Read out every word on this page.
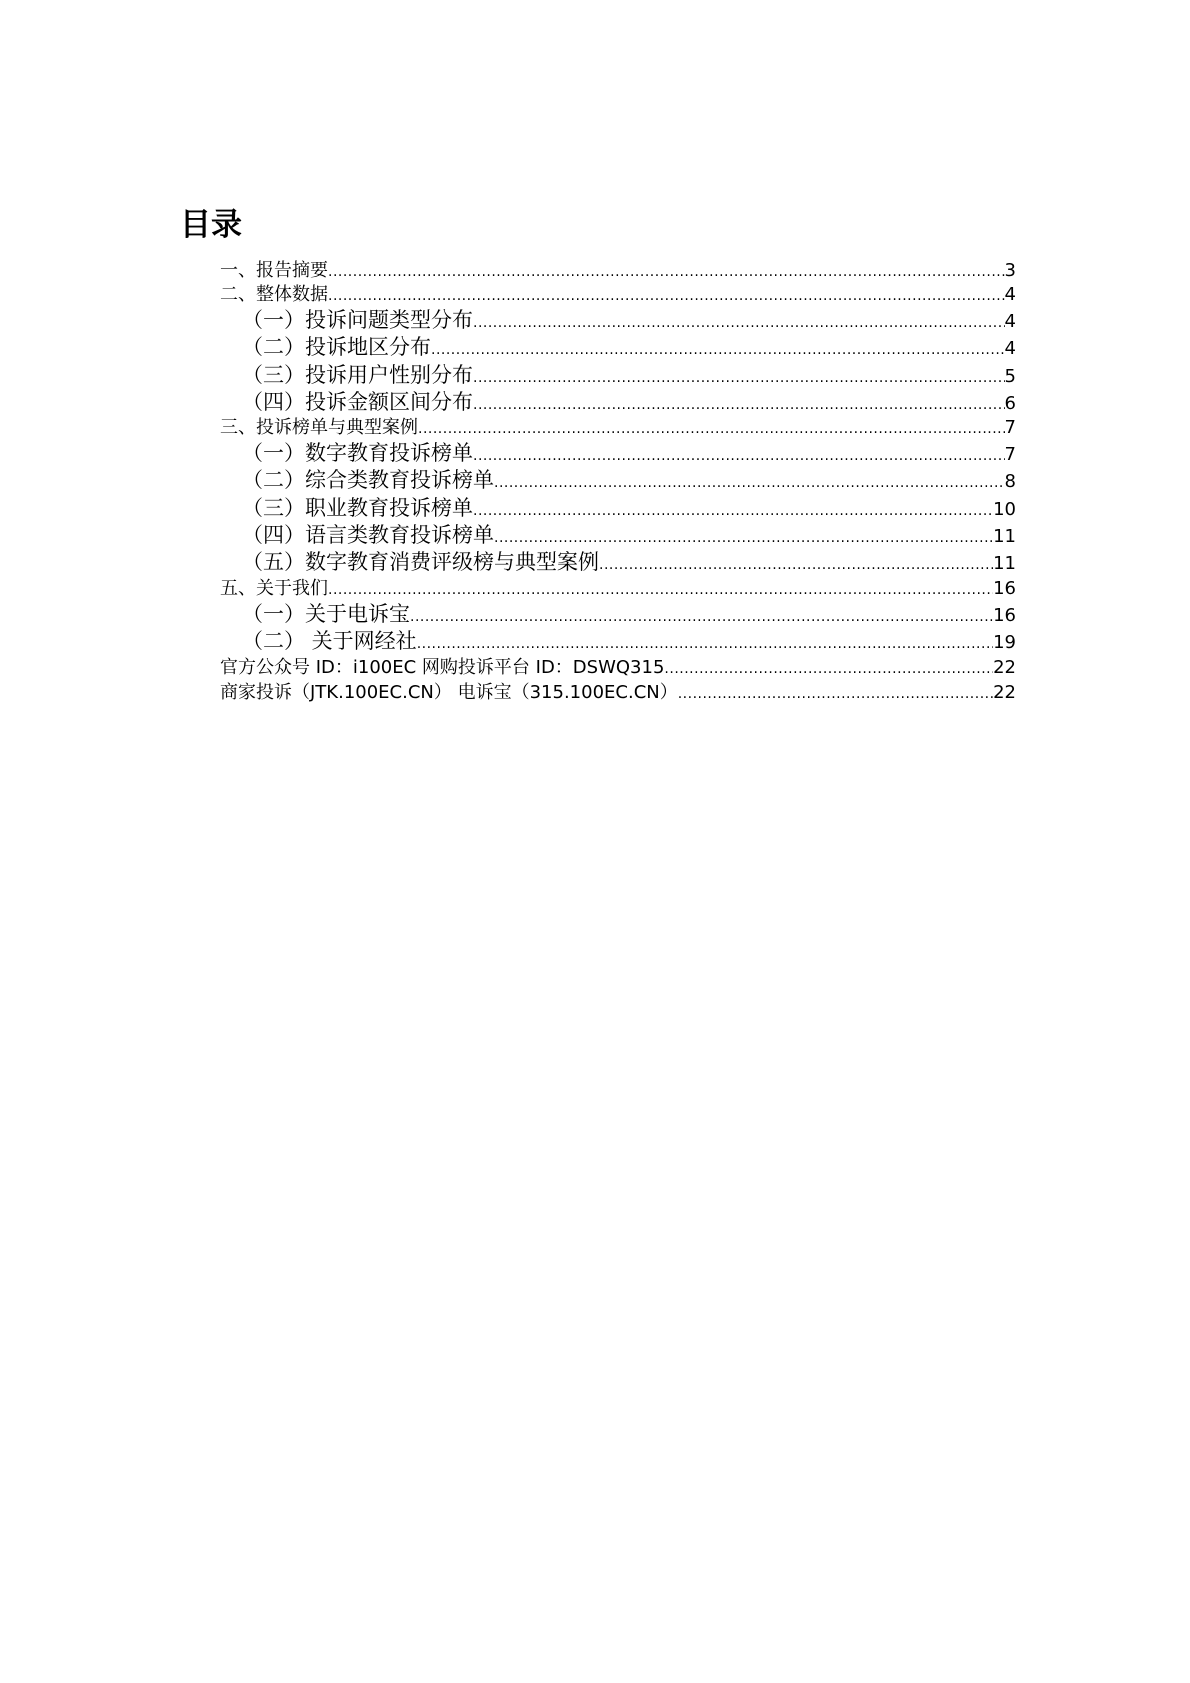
目录
一、报告摘要 .....	3
二、整体数据 .....	4
（一）投诉问题类型分布 .....	4
（二）投诉地区分布 .....	4
（三）投诉用户性别分布 .....	5
（四）投诉金额区间分布 .....	6
三、投诉榜单与典型案例 .....	7
（一）数字教育投诉榜单 .....	7
（二）综合类教育投诉榜单 .....	8
（三）职业教育投诉榜单 .....	10
（四）语言类教育投诉榜单 .....	11
（五）数字教育消费评级榜与典型案例 .....	11
五、关于我们 .....	16
（一）关于电诉宝 .....	16
（二） 关于网经社 .....	19
官方公众号 ID：i100EC 网购投诉平台 ID：DSWQ315 .....	22
商家投诉（JTK.100EC.CN） 电诉宝（315.100EC.CN） .....	22
